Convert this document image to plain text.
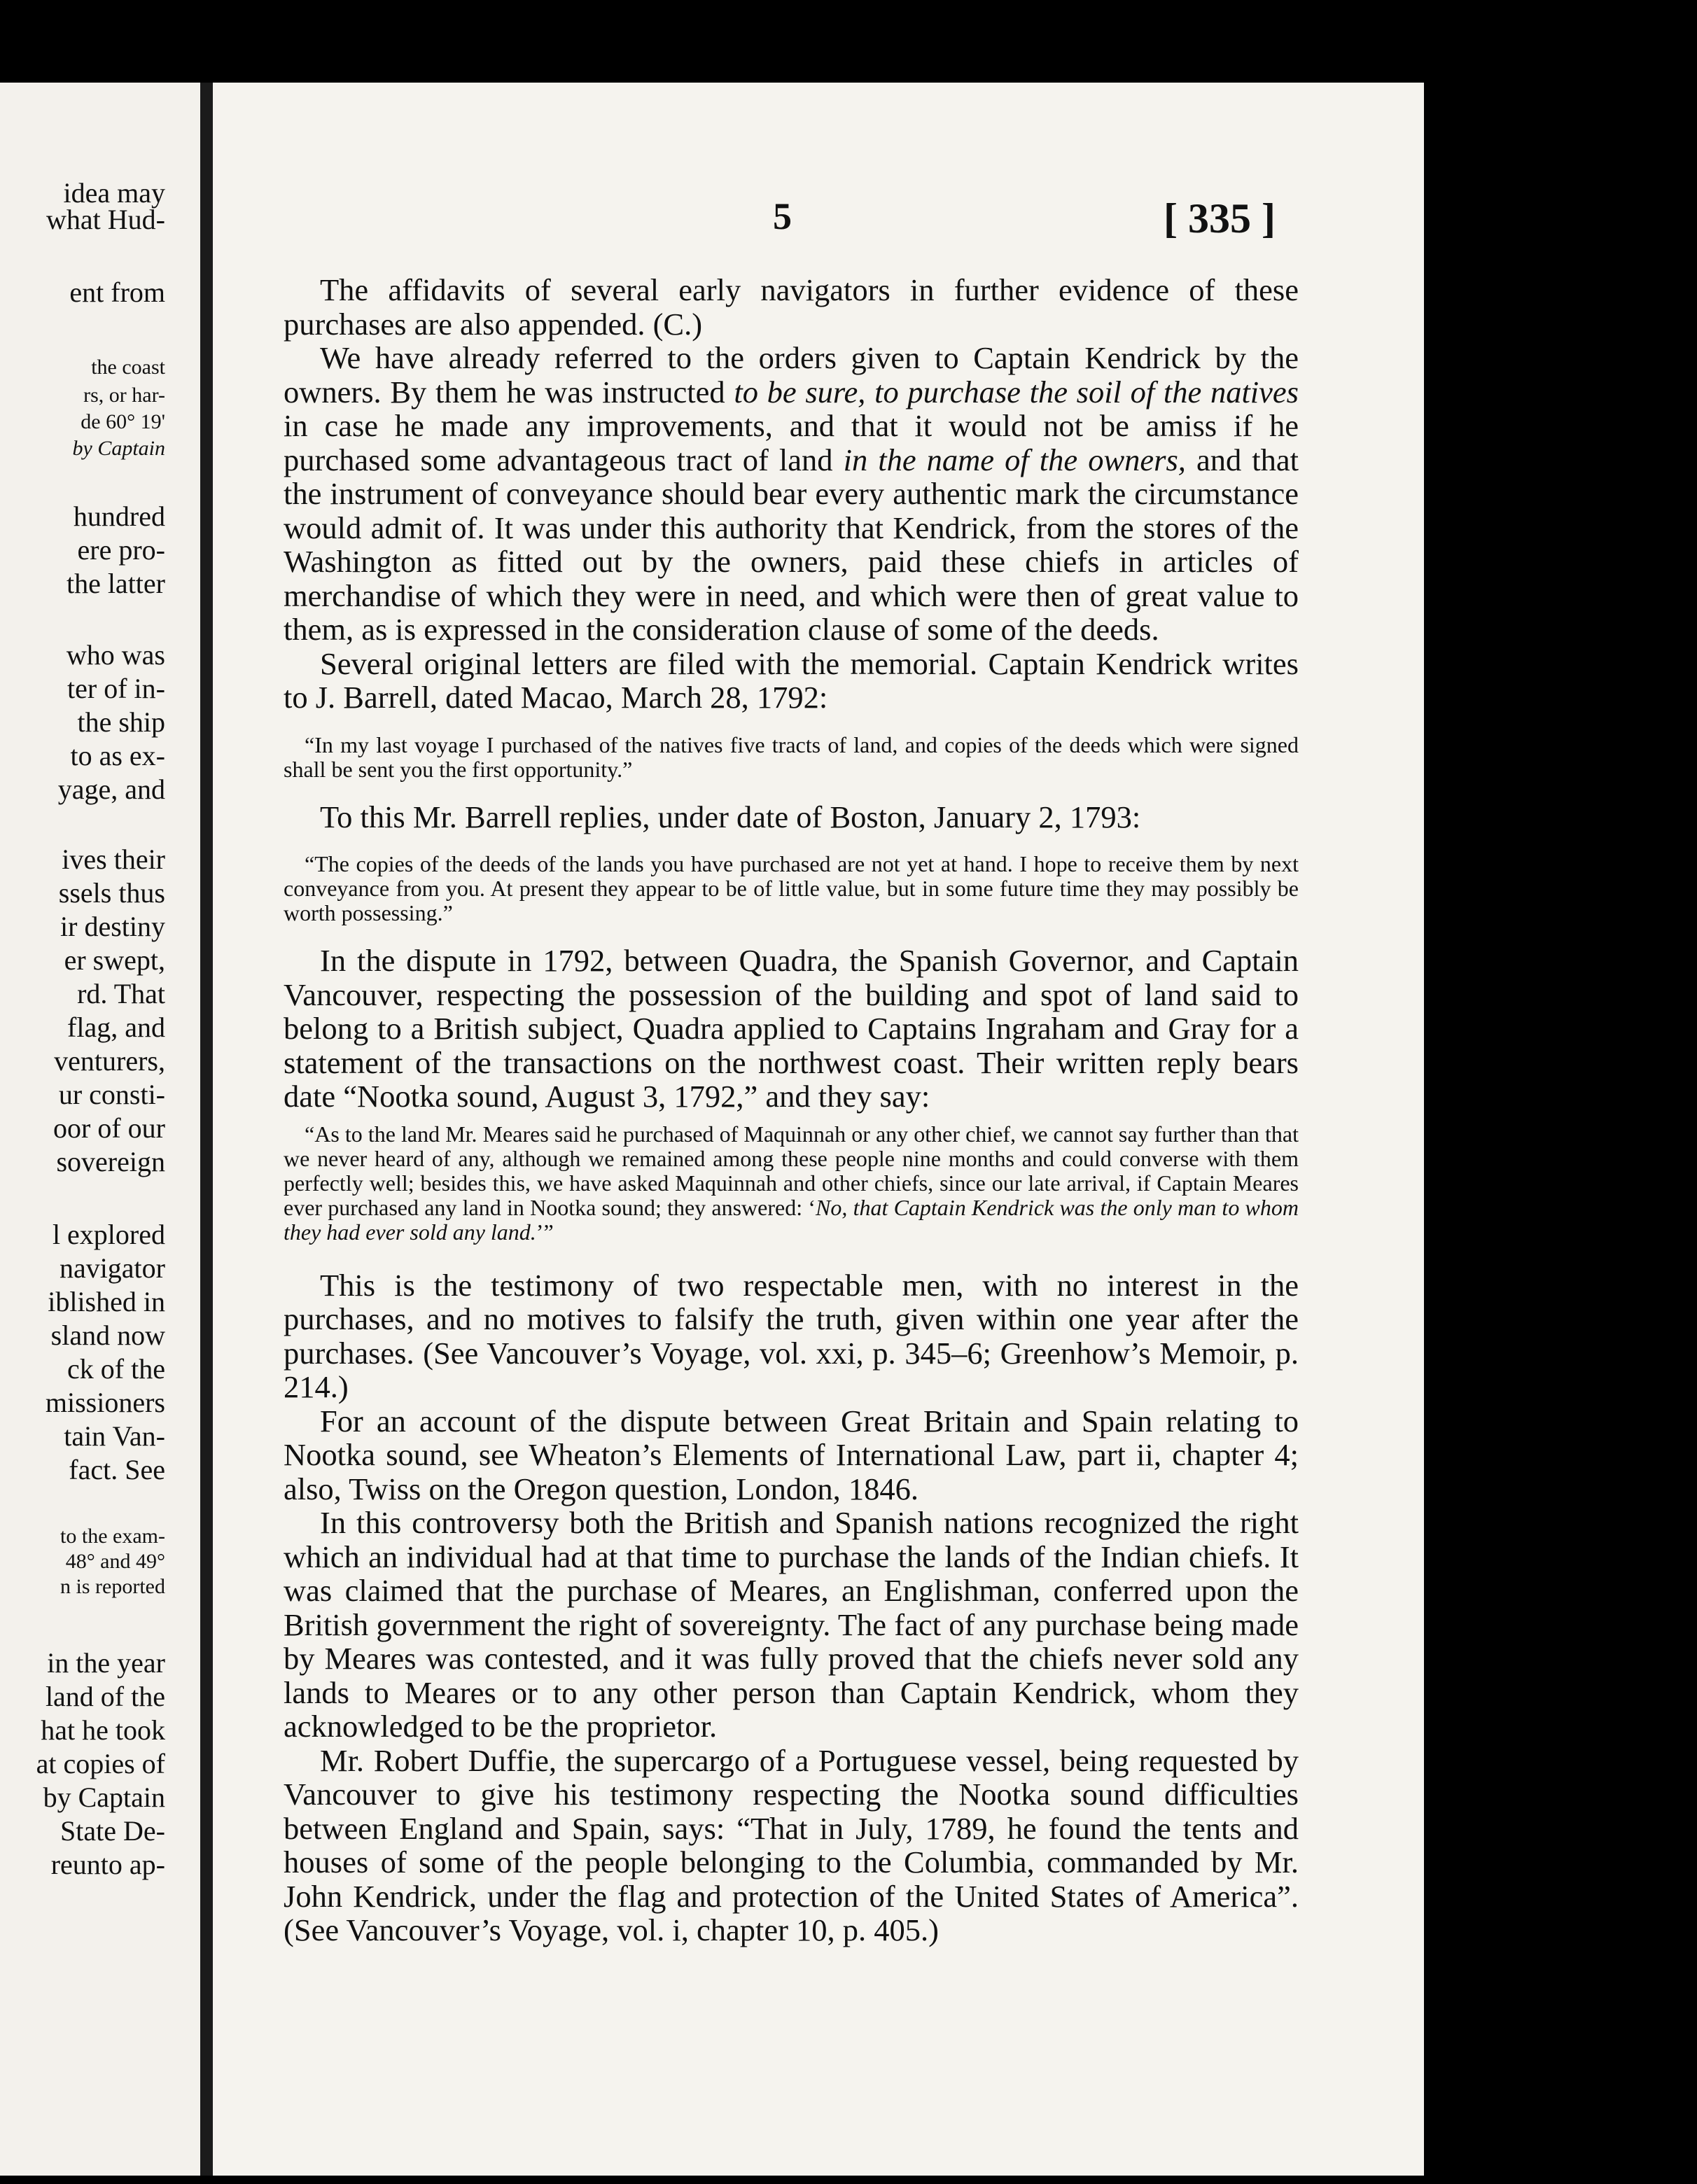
idea may
what Hud-
ent from
the coast
rs, or har-
de 60° 19'
by Captain
hundred
ere pro-
the latter
who was
ter of in-
the ship
to as ex-
yage, and
ives their
ssels thus
ir destiny
er swept,
rd. That
flag, and
venturers,
ur consti-
oor of our
sovereign
l explored
navigator
iblished in
sland now
ck of the
missioners
tain Van-
fact. See
to the exam-
48° and 49°
n is reported
in the year
land of the
hat he took
at copies of
by Captain
State De-
reunto ap-
5	[ 335 ]

The affidavits of several early navigators in further evidence of these purchases are also appended. (C.)

We have already referred to the orders given to Captain Kendrick by the owners. By them he was instructed to be sure, to purchase the soil of the natives in case he made any improvements, and that it would not be amiss if he purchased some advantageous tract of land in the name of the owners, and that the instrument of conveyance should bear every authentic mark the circumstance would admit of. It was under this authority that Kendrick, from the stores of the Washington as fitted out by the owners, paid these chiefs in articles of merchandise of which they were in need, and which were then of great value to them, as is expressed in the consideration clause of some of the deeds.

Several original letters are filed with the memorial. Captain Kendrick writes to J. Barrell, dated Macao, March 28, 1792:

“In my last voyage I purchased of the natives five tracts of land, and copies of the deeds which were signed shall be sent you the first opportunity.”

To this Mr. Barrell replies, under date of Boston, January 2, 1793:

“The copies of the deeds of the lands you have purchased are not yet at hand. I hope to receive them by next conveyance from you. At present they appear to be of little value, but in some future time they may possibly be worth possessing.”

In the dispute in 1792, between Quadra, the Spanish Governor, and Captain Vancouver, respecting the possession of the building and spot of land said to belong to a British subject, Quadra applied to Captains Ingraham and Gray for a statement of the transactions on the northwest coast. Their written reply bears date “Nootka sound, August 3, 1792,” and they say:

“As to the land Mr. Meares said he purchased of Maquinnah or any other chief, we cannot say further than that we never heard of any, although we remained among these people nine months and could converse with them perfectly well; besides this, we have asked Maquinnah and other chiefs, since our late arrival, if Captain Meares ever purchased any land in Nootka sound; they answered: ‘No, that Captain Kendrick was the only man to whom they had ever sold any land.’”

This is the testimony of two respectable men, with no interest in the purchases, and no motives to falsify the truth, given within one year after the purchases. (See Vancouver’s Voyage, vol. xxi, p. 345–6; Greenhow’s Memoir, p. 214.)

For an account of the dispute between Great Britain and Spain relating to Nootka sound, see Wheaton’s Elements of International Law, part ii, chapter 4; also, Twiss on the Oregon question, London, 1846.

In this controversy both the British and Spanish nations recognized the right which an individual had at that time to purchase the lands of the Indian chiefs. It was claimed that the purchase of Meares, an Englishman, conferred upon the British government the right of sovereignty. The fact of any purchase being made by Meares was contested, and it was fully proved that the chiefs never sold any lands to Meares or to any other person than Captain Kendrick, whom they acknowledged to be the proprietor.

Mr. Robert Duffie, the supercargo of a Portuguese vessel, being requested by Vancouver to give his testimony respecting the Nootka sound difficulties between England and Spain, says: “That in July, 1789, he found the tents and houses of some of the people belonging to the Columbia, commanded by Mr. John Kendrick, under the flag and protection of the United States of America”. (See Vancouver’s Voyage, vol. i, chapter 10, p. 405.)
